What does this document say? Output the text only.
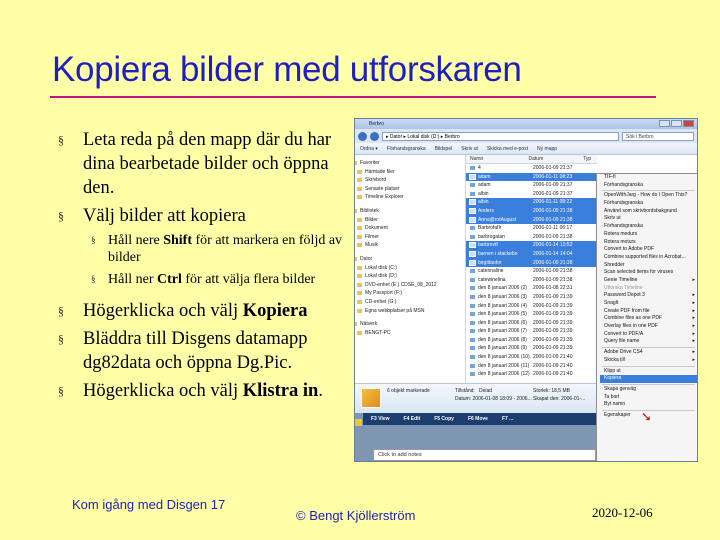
Kopiera bilder med utforskaren
§ Leta reda på den mapp där du har dina bearbetade bilder och öppna den.
§ Välj bilder att kopiera
§ Håll nere Shift för att markera en följd av bilder
§ Håll ner Ctrl för att välja flera bilder
§ Högerklicka och välj Kopiera
§ Bläddra till Disgens datamapp dg82data och öppna Dg.Pic.
§ Högerklicka och välj Klistra in.
Berbro
▸ Dator ▸ Lokal disk (D:) ▸ Berbro	Sök i Berbro
Ordna ▾ Förhandsgranska Bildspel Skriv ut Skicka med e-post Ny mapp
Favoriter
Hämtade filer
Skrivbord
Senaste platser
Timeline Explorer
Bibliotek
Bilder
Dokument
Filmer
Musik
Dator
Lokal disk (C:)
Lokal disk (D:)
DVD-enhet (E:) CDSE_08_2012
My Passport (F:)
CD-enhet (G:)
Egna webbplatser på MSN
Nätverk
BENGT-PC
Namn	Datum	Typ
4	2006-01-09 21:37
adam	2006-01-11 08:23
adam	2006-01-09 21:37
albin	2006-01-09 21:37
albin	2006-01-11 08:22
Anders	2006-01-09 21:38
Anna@rotAugust	2006-01-09 21:38
Barbrofaflr	2006-01-11 06:17
barbrogatan	2006-01-09 21:38
barbrovtf	2006-01-14 13:52
barnen i stackebo	2006-01-14 14:04
birgittaohn	2006-01-09 21:38
catennaline	2006-01-09 21:38
catewinelina	2006-01-09 21:38
den 8 januari 2006 (2)	2006-01-08 22:31
den 8 januari 2006 (3)	2006-01-09 21:39
den 8 januari 2006 (4)	2006-01-09 21:39
den 8 januari 2006 (5)	2006-01-09 21:39
den 8 januari 2006 (6)	2006-01-09 21:39
den 8 januari 2006 (7)	2006-01-09 21:39
den 8 januari 2006 (8)	2006-01-09 21:39
den 8 januari 2006 (9)	2006-01-09 21:39
den 8 januari 2006 (10) 2006-01-09 21:40
den 8 januari 2006 (11) 2006-01-09 21:40
den 8 januari 2006 (12) 2006-01-09 21:40
TIF-fi
Förhandsgranska
OpenWithJarg - How do I Open This?
Förhandsgranska
Använd som skrivbordsbakgrund
Skriv ut
Förhandsgranska
Rotera medurs
Rotera moturs
Convert to Adobe PDF
Combine supported files in Acrobat...
Shredder
Scan selected items for viruses
Genie Timeline ▸
Utforska Timeline
Password Depot 3 ▸
SnagIt ▸
Create PDF from file ▸
Combine files as one PDF ▸
Overlay files in one PDF ▸
Convert to PDF/A ▸
Query file name ▸
Adobe Drive CS4 ▸
Skicka till ▸
Klipp ut
Kopiera
Skapa genväg
Ta bort
Byt namn
Egenskaper
6 objekt markerade	Tillstånd: Delad	Storlek: 18,5 MB
Datum: 2006-01-08 18:09 - 2006... Skapat den: 2006-01-...
F3 View	F4 Edit	F5 Copy	F6 Move	F7 ...
Click to add notes
➘
Kom igång med Disgen 17
© Bengt Kjöllerström	2020-12-06
